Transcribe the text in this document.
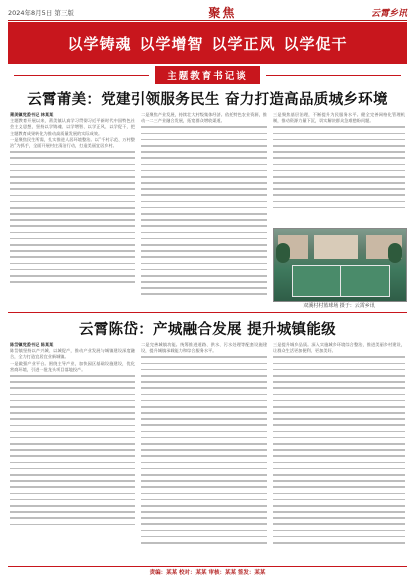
2024年8月5日 第三版	聚焦	云霄乡讯
以学铸魂 以学增智 以学正风 以学促干
主题教育书记谈
云霄莆美：党建引领服务民生 奋力打造高品质城乡环境
莆美镇党委书记 林某某
主题教育开展以来，莆美镇认真学习贯彻习近平新时代中国特色社会主义思想，坚持以学铸魂、以学增智、以学正风、以学促干，把主题教育成果转化为推动高质量发展的实际成效。
一是聚焦民生所需，扎实推进人居环境整治。以“千村示范、万村整治”为抓手，全面开展村庄清洁行动，打造美丽宜居乡村。
二是聚焦产业发展，持续壮大村级集体经济。依托特色农业资源，推动一二三产业融合发展，拓宽群众增收渠道。
三是聚焦基层治理，不断提升为民服务水平。健全完善网格化管理机制，推动资源力量下沉，切实解决群众急难愁盼问题。
双溪村村篮球场 摄于：云霄乡讯
云霄陈岱：产城融合发展 提升城镇能级
陈岱镇党委书记 陈某某
陈岱镇坚持以产兴城、以城促产，推动产业发展与城镇建设深度融合，全力打造宜居宜业新城镇。
一是做强产业平台。围绕主导产业，加快园区基础设施建设，优化营商环境，引进一批龙头项目落地投产。
二是完善城镇功能。统筹推进道路、供水、污水处理等配套设施建设，提升城镇承载能力和综合服务水平。
三是提升城乡品质。深入实施城乡环境综合整治，推进美丽乡村建设，让群众生活更加便利、更加美好。
责编：某某 校对：某某 审核：某某 签发：某某
